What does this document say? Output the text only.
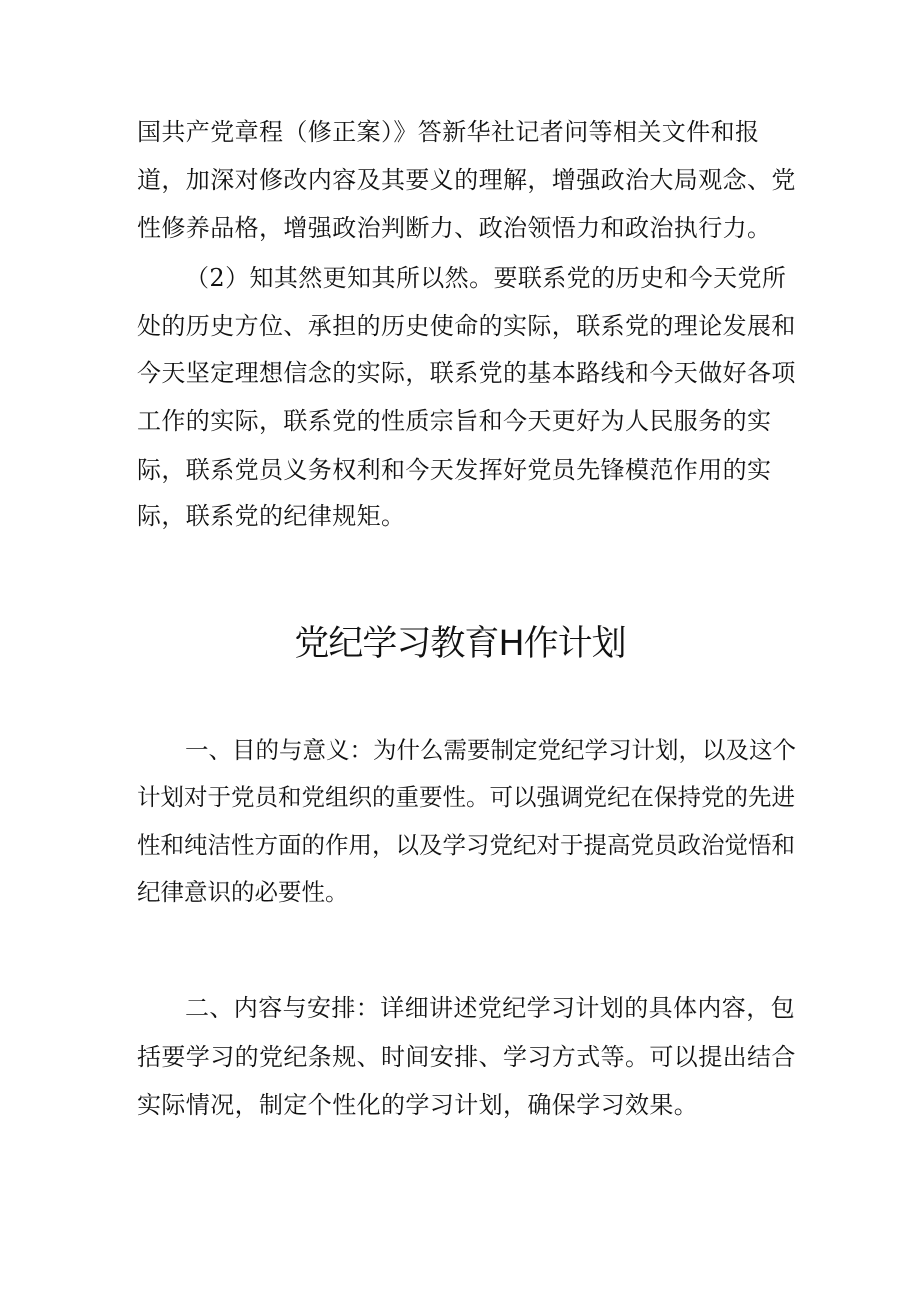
国共产党章程（修正案）》答新华社记者问等相关文件和报
道，加深对修改内容及其要义的理解，增强政治大局观念、党
性修养品格，增强政治判断力、政治领悟力和政治执行力。
（2）知其然更知其所以然。要联系党的历史和今天党所
处的历史方位、承担的历史使命的实际，联系党的理论发展和
今天坚定理想信念的实际，联系党的基本路线和今天做好各项
工作的实际，联系党的性质宗旨和今天更好为人民服务的实
际，联系党员义务权利和今天发挥好党员先锋模范作用的实
际，联系党的纪律规矩。
党纪学习教育H作计划
一、目的与意义：为什么需要制定党纪学习计划，以及这个
计划对于党员和党组织的重要性。可以强调党纪在保持党的先进
性和纯洁性方面的作用，以及学习党纪对于提高党员政治觉悟和
纪律意识的必要性。
二、内容与安排：详细讲述党纪学习计划的具体内容，包
括要学习的党纪条规、时间安排、学习方式等。可以提出结合
实际情况，制定个性化的学习计划，确保学习效果。
